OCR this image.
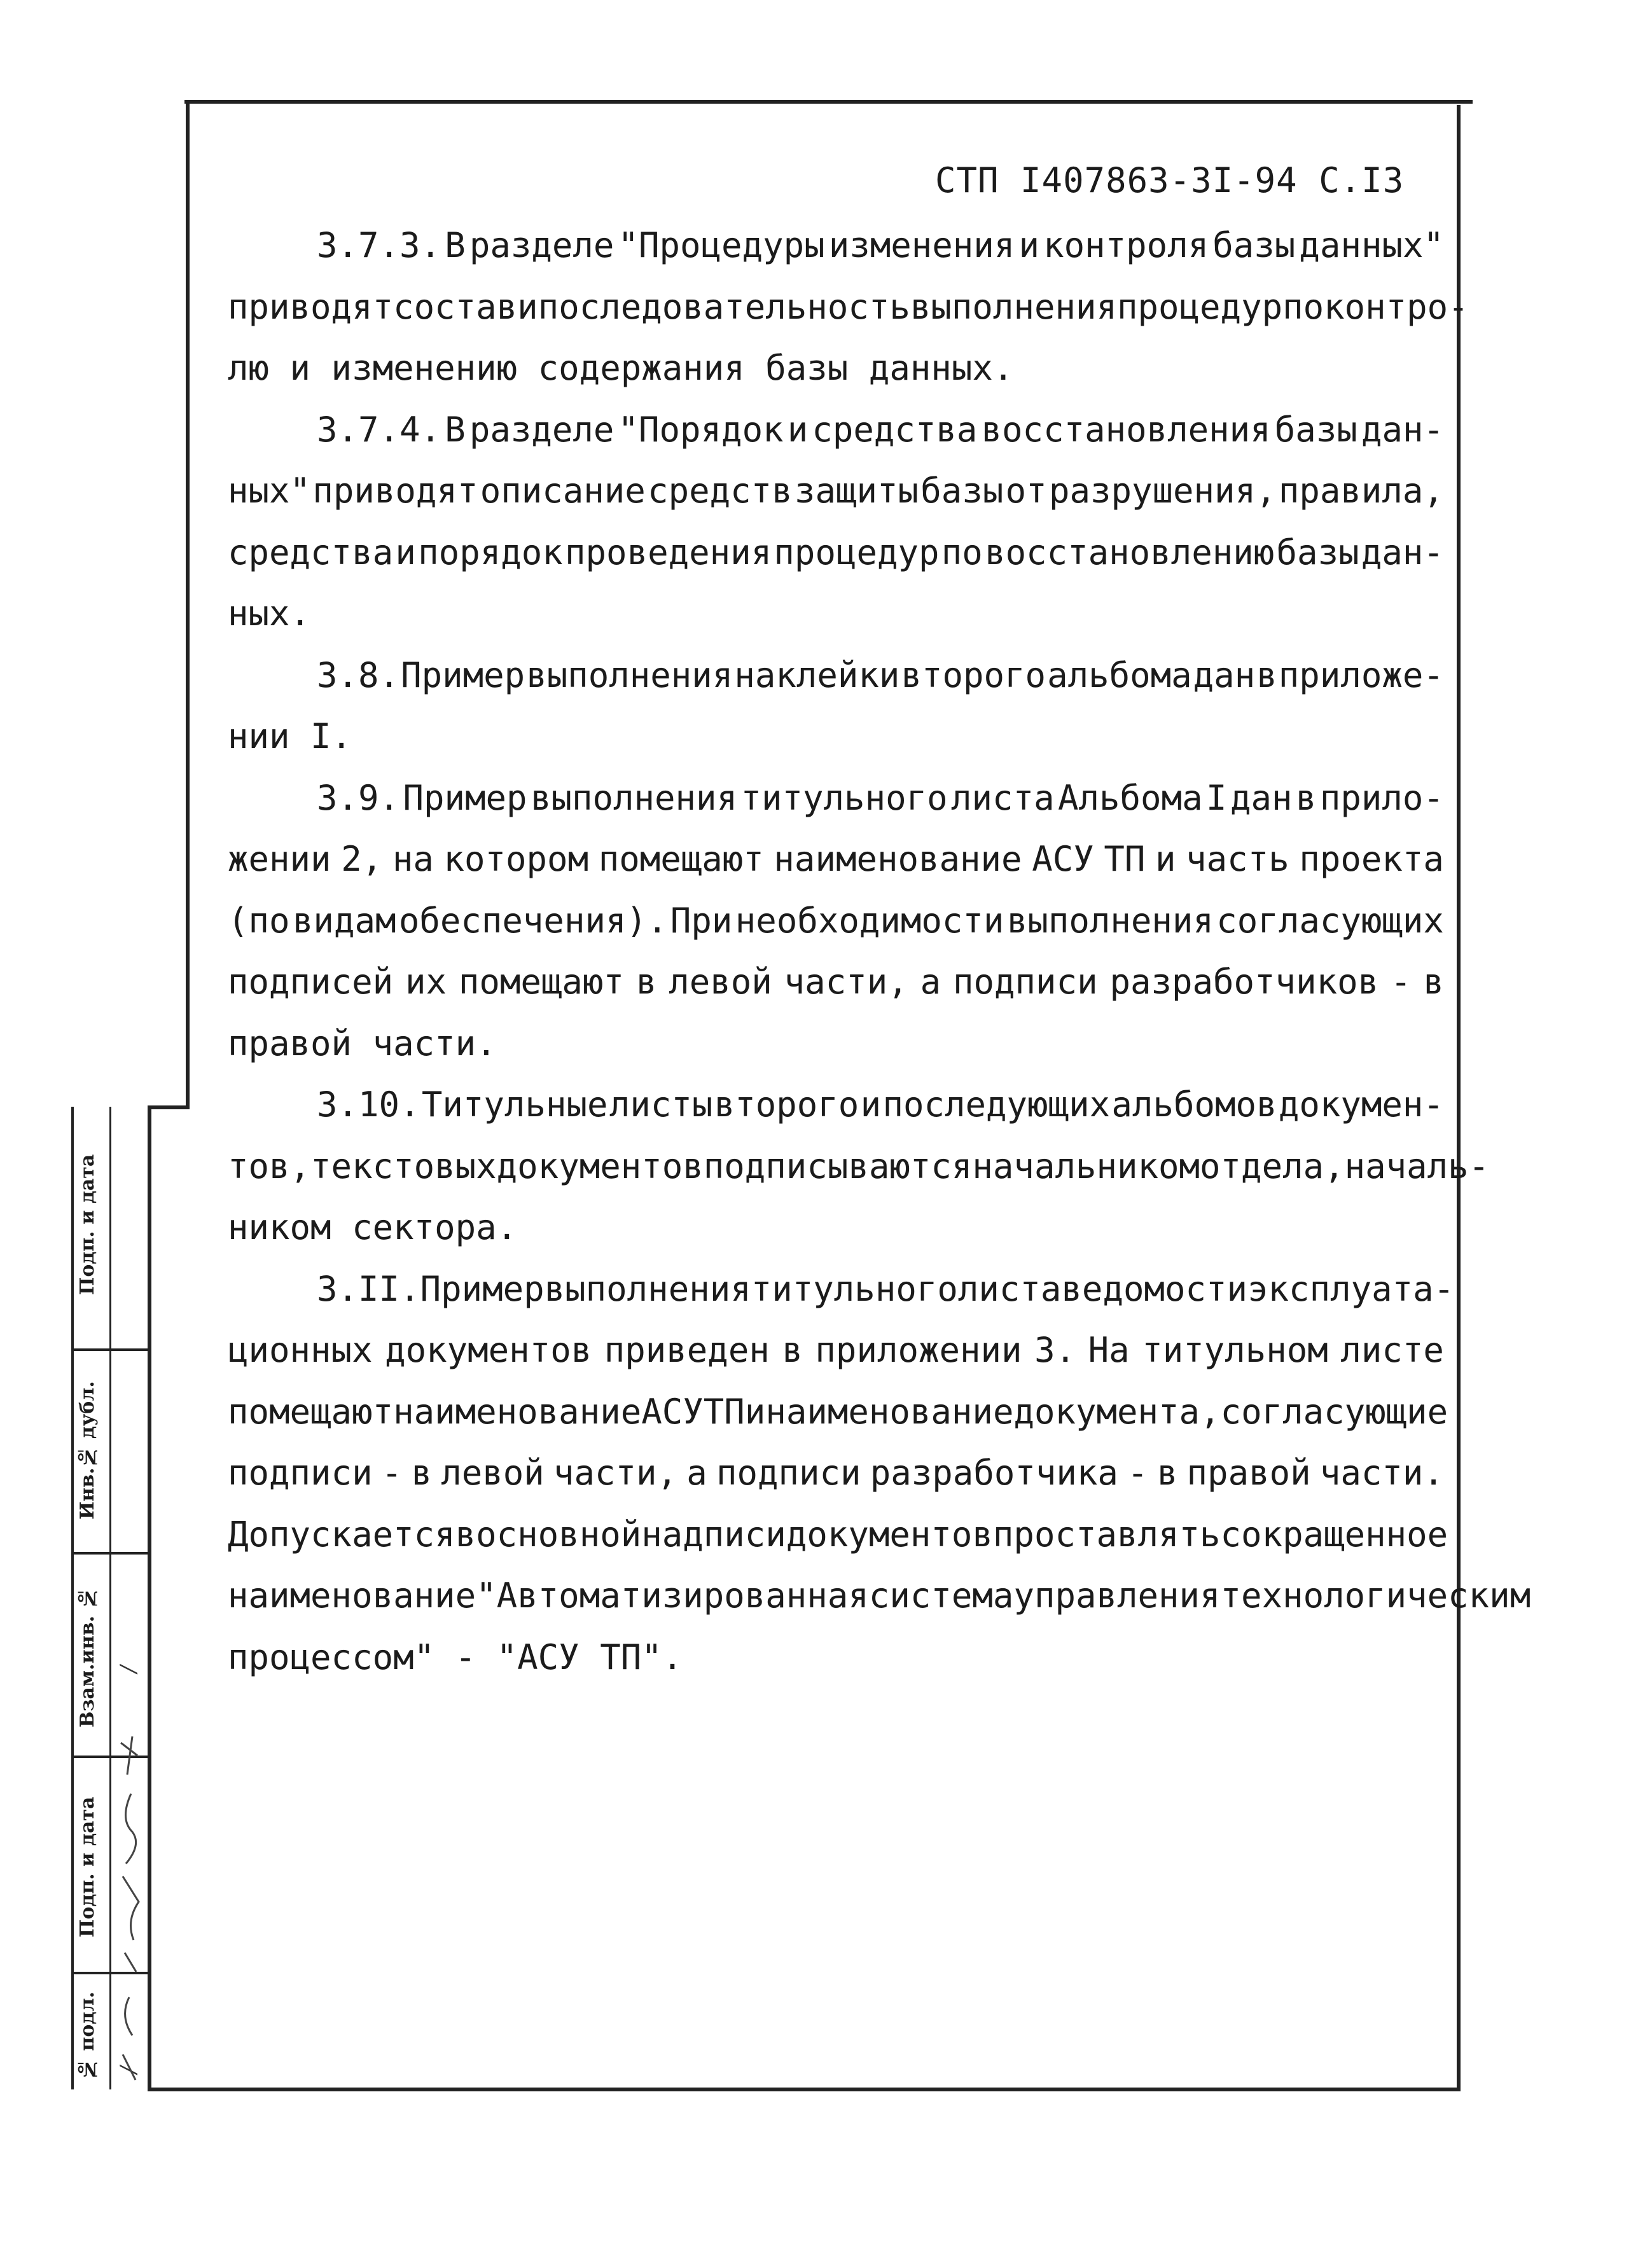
СТП I407863-3I-94 С.I3
3.7.3. В разделе "Процедуры изменения и контроля базы данных"
приводят состав и последовательность выполнения процедур по контро-
лю и изменению содержания базы данных.
3.7.4. В разделе "Порядок и средства восстановления базы дан-
ных" приводят описание средств защиты базы от разрушения, правила,
средства и порядок проведения процедур по восстановлению базы дан-
ных.
3.8. Пример выполнения наклейки второго альбома дан в приложе-
нии I.
3.9. Пример выполнения титульного листа Альбома I дан в прило-
жении 2, на котором помещают наименование АСУ ТП и часть проекта
(по видам обеспечения). При необходимости выполнения согласующих
подписей их помещают в левой части, а подписи разработчиков - в
правой части.
3.10. Титульные листы второго и последующих альбомов докумен-
тов, текстовых документов подписываются начальником отдела, началь-
ником сектора.
3.II. Пример выполнения титульного листа ведомости эксплуата-
ционных документов приведен в приложении 3. На титульном листе
помещают наименование АСУ ТП и наименование документа, согласующие
подписи - в левой части, а подписи разработчика - в правой части.
Допускается в основной надписи документов проставлять сокращенное
наименование "Автоматизированная система управления технологическим
процессом" - "АСУ ТП".
Подп. и дата
Инв.№ дубл.
Взам.инв. № /
Подп. и дата
№ подл. /
